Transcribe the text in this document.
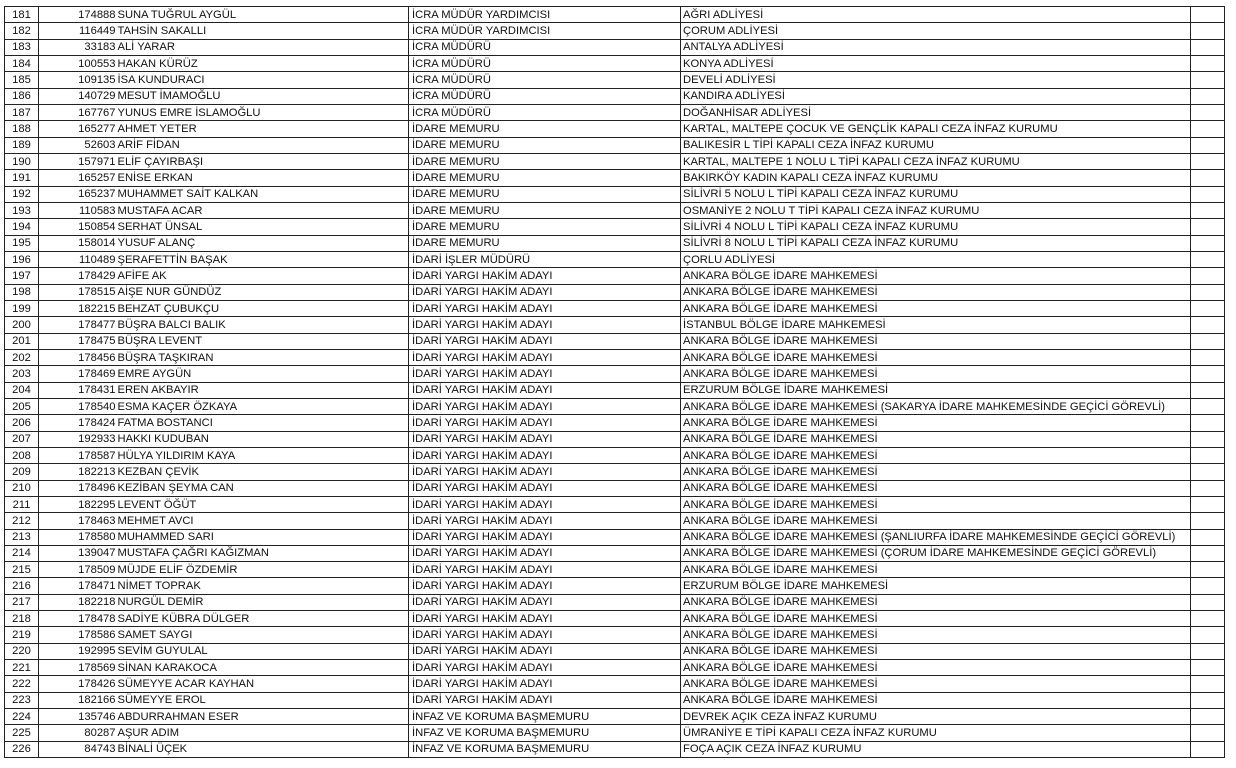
181	174888	SUNA TUĞRUL AYGÜL	İCRA MÜDÜR YARDIMCISI	AĞRI ADLİYESİ	
182	116449	TAHSİN SAKALLI	İCRA MÜDÜR YARDIMCISI	ÇORUM ADLİYESİ	
183	33183	ALİ YARAR	İCRA MÜDÜRÜ	ANTALYA ADLİYESİ	
184	100553	HAKAN KÜRÜZ	İCRA MÜDÜRÜ	KONYA ADLİYESİ	
185	109135	İSA KUNDURACI	İCRA MÜDÜRÜ	DEVELİ ADLİYESİ	
186	140729	MESUT İMAMOĞLU	İCRA MÜDÜRÜ	KANDIRA ADLİYESİ	
187	167767	YUNUS EMRE İSLAMOĞLU	İCRA MÜDÜRÜ	DOĞANHİSAR ADLİYESİ	
188	165277	AHMET YETER	İDARE MEMURU	KARTAL, MALTEPE ÇOCUK VE GENÇLİK KAPALI CEZA İNFAZ KURUMU	
189	52603	ARİF FİDAN	İDARE MEMURU	BALIKESİR L TİPİ KAPALI CEZA İNFAZ KURUMU	
190	157971	ELİF ÇAYIRBAŞI	İDARE MEMURU	KARTAL, MALTEPE 1 NOLU L TİPİ KAPALI CEZA İNFAZ KURUMU	
191	165257	ENİSE ERKAN	İDARE MEMURU	BAKIRKÖY KADIN KAPALI CEZA İNFAZ KURUMU	
192	165237	MUHAMMET SAİT KALKAN	İDARE MEMURU	SİLİVRİ 5 NOLU L TİPİ KAPALI CEZA İNFAZ KURUMU	
193	110583	MUSTAFA ACAR	İDARE MEMURU	OSMANİYE 2 NOLU T TİPİ KAPALI CEZA İNFAZ KURUMU	
194	150854	SERHAT ÜNSAL	İDARE MEMURU	SİLİVRİ 4 NOLU L TİPİ KAPALI CEZA İNFAZ KURUMU	
195	158014	YUSUF ALANÇ	İDARE MEMURU	SİLİVRİ 8 NOLU L TİPİ KAPALI CEZA İNFAZ KURUMU	
196	110489	ŞERAFETTİN BAŞAK	İDARİ İŞLER MÜDÜRÜ	ÇORLU ADLİYESİ	
197	178429	AFİFE AK	İDARİ YARGI HAKİM ADAYI	ANKARA BÖLGE İDARE MAHKEMESİ	
198	178515	AİŞE NUR GÜNDÜZ	İDARİ YARGI HAKİM ADAYI	ANKARA BÖLGE İDARE MAHKEMESİ	
199	182215	BEHZAT ÇUBUKÇU	İDARİ YARGI HAKİM ADAYI	ANKARA BÖLGE İDARE MAHKEMESİ	
200	178477	BÜŞRA BALCI BALIK	İDARİ YARGI HAKİM ADAYI	İSTANBUL BÖLGE İDARE MAHKEMESİ	
201	178475	BÜŞRA LEVENT	İDARİ YARGI HAKİM ADAYI	ANKARA BÖLGE İDARE MAHKEMESİ	
202	178456	BÜŞRA TAŞKIRAN	İDARİ YARGI HAKİM ADAYI	ANKARA BÖLGE İDARE MAHKEMESİ	
203	178469	EMRE AYGÜN	İDARİ YARGI HAKİM ADAYI	ANKARA BÖLGE İDARE MAHKEMESİ	
204	178431	EREN AKBAYIR	İDARİ YARGI HAKİM ADAYI	ERZURUM BÖLGE İDARE MAHKEMESİ	
205	178540	ESMA KAÇER ÖZKAYA	İDARİ YARGI HAKİM ADAYI	ANKARA BÖLGE İDARE MAHKEMESİ (SAKARYA İDARE MAHKEMESİNDE GEÇİCİ GÖREVLİ)	
206	178424	FATMA BOSTANCI	İDARİ YARGI HAKİM ADAYI	ANKARA BÖLGE İDARE MAHKEMESİ	
207	192933	HAKKI KUDUBAN	İDARİ YARGI HAKİM ADAYI	ANKARA BÖLGE İDARE MAHKEMESİ	
208	178587	HÜLYA YILDIRIM KAYA	İDARİ YARGI HAKİM ADAYI	ANKARA BÖLGE İDARE MAHKEMESİ	
209	182213	KEZBAN ÇEVİK	İDARİ YARGI HAKİM ADAYI	ANKARA BÖLGE İDARE MAHKEMESİ	
210	178496	KEZİBAN ŞEYMA CAN	İDARİ YARGI HAKİM ADAYI	ANKARA BÖLGE İDARE MAHKEMESİ	
211	182295	LEVENT ÖĞÜT	İDARİ YARGI HAKİM ADAYI	ANKARA BÖLGE İDARE MAHKEMESİ	
212	178463	MEHMET AVCI	İDARİ YARGI HAKİM ADAYI	ANKARA BÖLGE İDARE MAHKEMESİ	
213	178580	MUHAMMED SARI	İDARİ YARGI HAKİM ADAYI	ANKARA BÖLGE İDARE MAHKEMESİ (ŞANLIURFA İDARE MAHKEMESİNDE GEÇİCİ GÖREVLİ)	
214	139047	MUSTAFA ÇAĞRI KAĞIZMAN	İDARİ YARGI HAKİM ADAYI	ANKARA BÖLGE İDARE MAHKEMESİ (ÇORUM İDARE MAHKEMESİNDE GEÇİCİ GÖREVLİ)	
215	178509	MÜJDE ELİF ÖZDEMİR	İDARİ YARGI HAKİM ADAYI	ANKARA BÖLGE İDARE MAHKEMESİ	
216	178471	NİMET TOPRAK	İDARİ YARGI HAKİM ADAYI	ERZURUM BÖLGE İDARE MAHKEMESİ	
217	182218	NURGÜL DEMİR	İDARİ YARGI HAKİM ADAYI	ANKARA BÖLGE İDARE MAHKEMESİ	
218	178478	SADİYE KÜBRA DÜLGER	İDARİ YARGI HAKİM ADAYI	ANKARA BÖLGE İDARE MAHKEMESİ	
219	178586	SAMET SAYGI	İDARİ YARGI HAKİM ADAYI	ANKARA BÖLGE İDARE MAHKEMESİ	
220	192995	SEVİM GUYULAL	İDARİ YARGI HAKİM ADAYI	ANKARA BÖLGE İDARE MAHKEMESİ	
221	178569	SİNAN KARAKOCA	İDARİ YARGI HAKİM ADAYI	ANKARA BÖLGE İDARE MAHKEMESİ	
222	178426	SÜMEYYE ACAR KAYHAN	İDARİ YARGI HAKİM ADAYI	ANKARA BÖLGE İDARE MAHKEMESİ	
223	182166	SÜMEYYE EROL	İDARİ YARGI HAKİM ADAYI	ANKARA BÖLGE İDARE MAHKEMESİ	
224	135746	ABDURRAHMAN ESER	İNFAZ VE KORUMA BAŞMEMURU	DEVREK AÇIK CEZA İNFAZ KURUMU	
225	80287	AŞUR ADIM	İNFAZ VE KORUMA BAŞMEMURU	ÜMRANİYE E TİPİ KAPALI CEZA İNFAZ KURUMU	
226	84743	BİNALİ ÜÇEK	İNFAZ VE KORUMA BAŞMEMURU	FOÇA AÇIK CEZA İNFAZ KURUMU	
